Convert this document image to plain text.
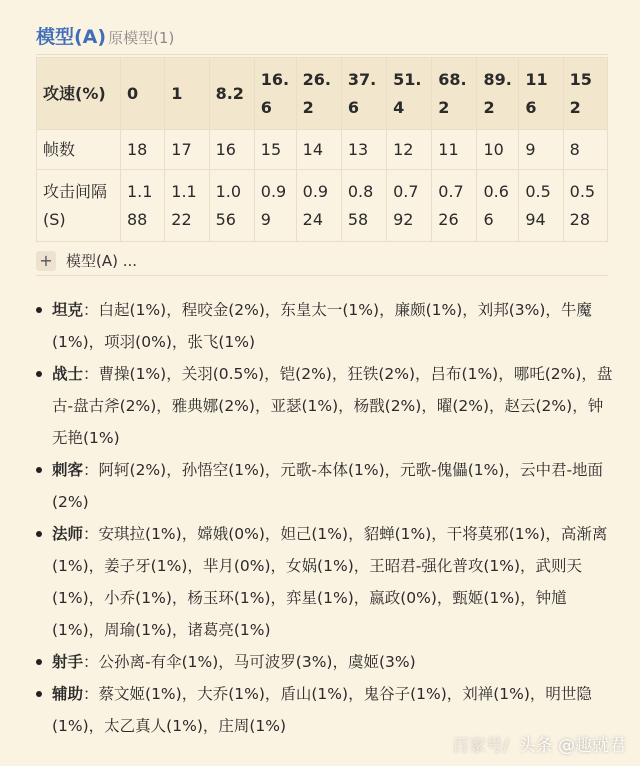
模型(A) 原模型(1)
攻速(%)	0	1	8.2	16.6	26.2	37.6	51.4	68.2	89.2	116	152
帧数	18	17	16	15	14	13	12	11	10	9	8
攻击间隔(S)	1.188	1.122	1.056	0.99	0.924	0.858	0.792	0.726	0.66	0.594	0.528
+ 模型(A) ...
坦克：白起(1%)，程咬金(2%)，东皇太一(1%)，廉颇(1%)，刘邦(3%)，牛魔(1%)，项羽(0%)，张飞(1%)
战士：曹操(1%)，关羽(0.5%)，铠(2%)，狂铁(2%)，吕布(1%)，哪吒(2%)，盘古-盘古斧(2%)，雅典娜(2%)，亚瑟(1%)，杨戬(2%)，曜(2%)，赵云(2%)，钟无艳(1%)
刺客：阿轲(2%)，孙悟空(1%)，元歌-本体(1%)，元歌-傀儡(1%)，云中君-地面(2%)
法师：安琪拉(1%)，嫦娥(0%)，妲己(1%)，貂蝉(1%)，干将莫邪(1%)，高渐离(1%)，姜子牙(1%)，芈月(0%)，女娲(1%)，王昭君-强化普攻(1%)，武则天(1%)，小乔(1%)，杨玉环(1%)，弈星(1%)，嬴政(0%)，甄姬(1%)，钟馗(1%)，周瑜(1%)，诸葛亮(1%)
射手：公孙离-有伞(1%)，马可波罗(3%)，虞姬(3%)
辅助：蔡文姬(1%)，大乔(1%)，盾山(1%)，鬼谷子(1%)，刘禅(1%)，明世隐(1%)，太乙真人(1%)，庄周(1%)
百家号/ 头条 @趣就君
